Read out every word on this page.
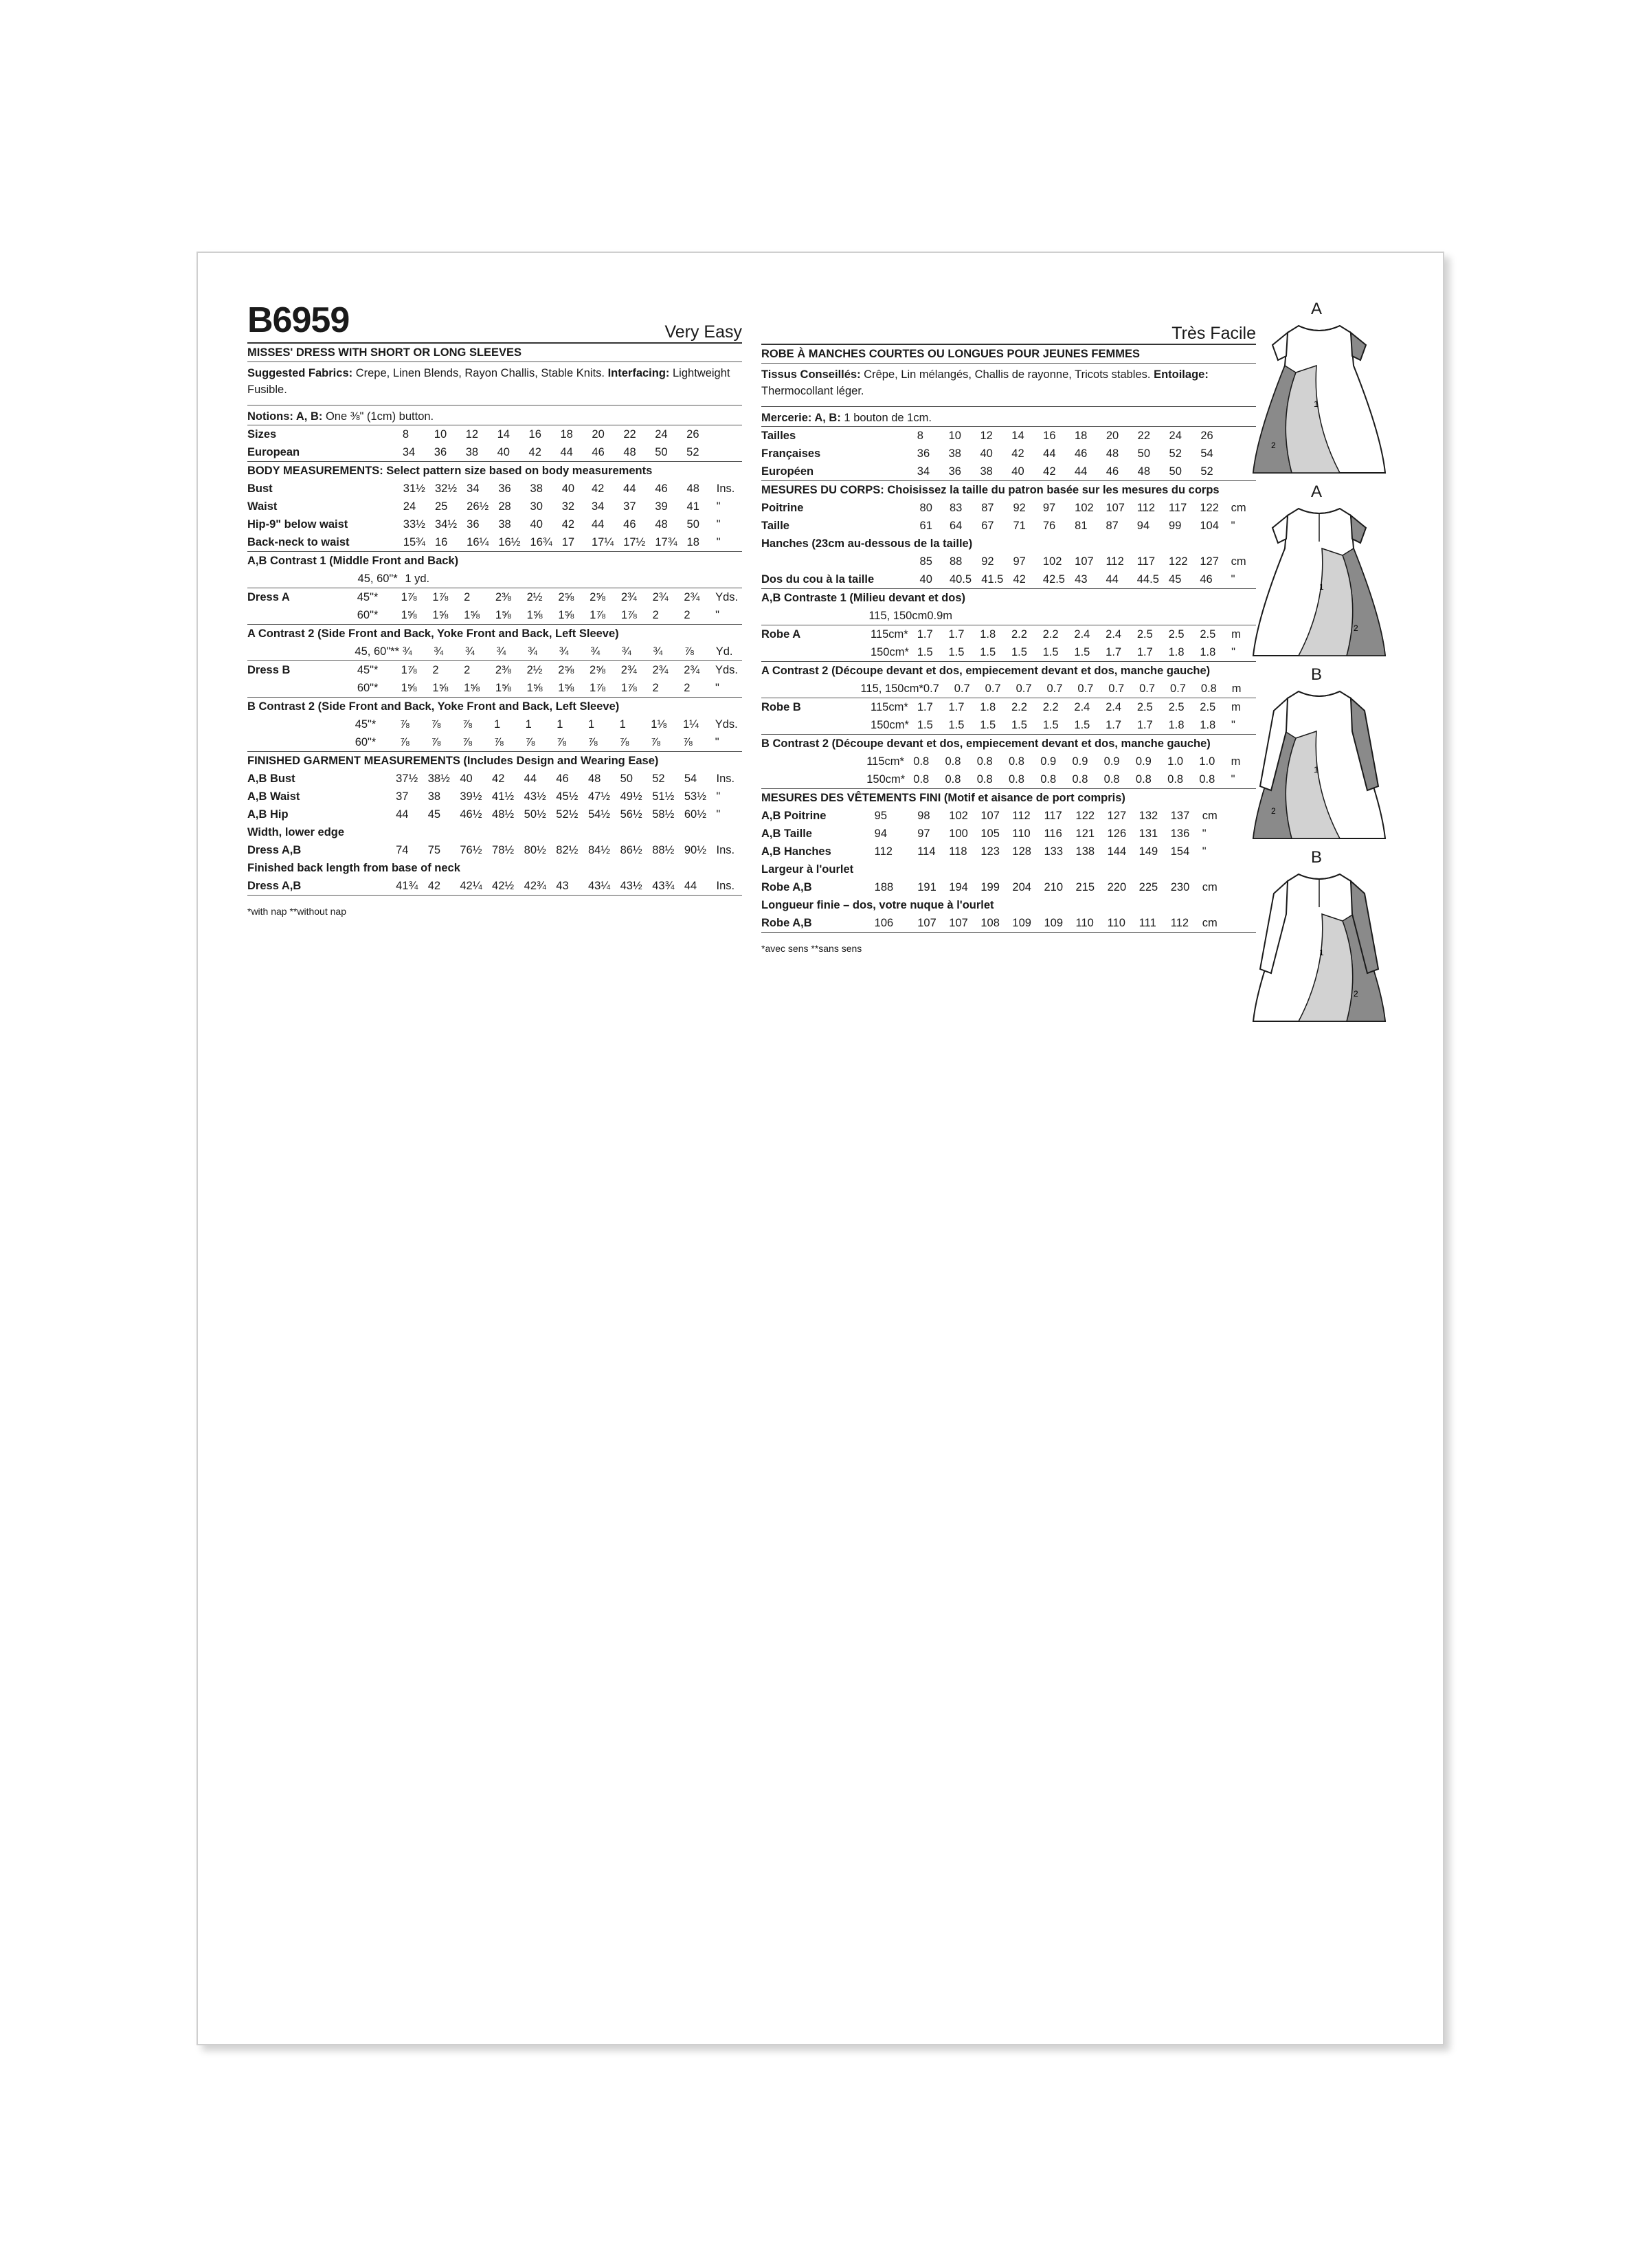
B6959	Very Easy
MISSES' DRESS WITH SHORT OR LONG SLEEVES
Suggested Fabrics: Crepe, Linen Blends, Rayon Challis, Stable Knits. Interfacing: Lightweight Fusible.
Notions: A, B: One ⅜" (1cm) button.
Sizes		8	10	12	14	16	18	20	22	24	26	
European		34	36	38	40	42	44	46	48	50	52	
BODY MEASUREMENTS: Select pattern size based on body measurements
Bust		31½	32½	34	36	38	40	42	44	46	48	Ins.
Waist		24	25	26½	28	30	32	34	37	39	41	"
Hip-9" below waist		33½	34½	36	38	40	42	44	46	48	50	"
Back-neck to waist		15¾	16	16¼	16½	16¾	17	17¼	17½	17¾	18	"
A,B Contrast 1 (Middle Front and Back)
	45, 60"*	1 yd.										
Dress A	45"*	1⅞	1⅞	2	2⅜	2½	2⅝	2⅝	2¾	2¾	2¾	Yds.
	60"*	1⅝	1⅝	1⅝	1⅝	1⅝	1⅝	1⅞	1⅞	2	2	"
A Contrast 2 (Side Front and Back, Yoke Front and Back, Left Sleeve)
	45, 60"**	¾	¾	¾	¾	¾	¾	¾	¾	¾	⅞	Yd.
Dress B	45"*	1⅞	2	2	2⅜	2½	2⅝	2⅝	2¾	2¾	2¾	Yds.
	60"*	1⅝	1⅝	1⅝	1⅝	1⅝	1⅝	1⅞	1⅞	2	2	"
B Contrast 2 (Side Front and Back, Yoke Front and Back, Left Sleeve)
	45"*	⅞	⅞	⅞	1	1	1	1	1	1⅛	1¼	Yds.
	60"*	⅞	⅞	⅞	⅞	⅞	⅞	⅞	⅞	⅞	⅞	"
FINISHED GARMENT MEASUREMENTS (Includes Design and Wearing Ease)
A,B Bust		37½	38½	40	42	44	46	48	50	52	54	Ins.
A,B Waist		37	38	39½	41½	43½	45½	47½	49½	51½	53½	"
A,B Hip		44	45	46½	48½	50½	52½	54½	56½	58½	60½	"
Width, lower edge												
Dress A,B		74	75	76½	78½	80½	82½	84½	86½	88½	90½	Ins.
Finished back length from base of neck												
Dress A,B		41¾	42	42¼	42½	42¾	43	43¼	43½	43¾	44	Ins.
*with nap **without nap
Très Facile
ROBE À MANCHES COURTES OU LONGUES POUR JEUNES FEMMES
Tissus Conseillés: Crêpe, Lin mélangés, Challis de rayonne, Tricots stables. Entoilage: Thermocollant léger.
Mercerie: A, B: 1 bouton de 1cm.
Tailles		8	10	12	14	16	18	20	22	24	26	
Françaises		36	38	40	42	44	46	48	50	52	54	
Européen		34	36	38	40	42	44	46	48	50	52	
MESURES DU CORPS: Choisissez la taille du patron basée sur les mesures du corps
Poitrine		80	83	87	92	97	102	107	112	117	122	cm
Taille		61	64	67	71	76	81	87	94	99	104	"
Hanches (23cm au-dessous de la taille)												
		85	88	92	97	102	107	112	117	122	127	cm
Dos du cou à la taille		40	40.5	41.5	42	42.5	43	44	44.5	45	46	"
A,B Contraste 1 (Milieu devant et dos)
	115, 150cm	0.9m										
Robe A	115cm*	1.7	1.7	1.8	2.2	2.2	2.4	2.4	2.5	2.5	2.5	m
	150cm*	1.5	1.5	1.5	1.5	1.5	1.5	1.7	1.7	1.8	1.8	"
A Contrast 2 (Découpe devant et dos, empiecement devant et dos, manche gauche)
	115, 150cm*	0.7	0.7	0.7	0.7	0.7	0.7	0.7	0.7	0.7	0.8	m
Robe B	115cm*	1.7	1.7	1.8	2.2	2.2	2.4	2.4	2.5	2.5	2.5	m
	150cm*	1.5	1.5	1.5	1.5	1.5	1.5	1.7	1.7	1.8	1.8	"
B Contrast 2 (Découpe devant et dos, empiecement devant et dos, manche gauche)
	115cm*	0.8	0.8	0.8	0.8	0.9	0.9	0.9	0.9	1.0	1.0	m
	150cm*	0.8	0.8	0.8	0.8	0.8	0.8	0.8	0.8	0.8	0.8	"
MESURES DES VÊTEMENTS FINI (Motif et aisance de port compris)
A,B Poitrine	95	98	102	107	112	117	122	127	132	137	cm	
A,B Taille	94	97	100	105	110	116	121	126	131	136	"	
A,B Hanches	112	114	118	123	128	133	138	144	149	154	"	
Largeur à l'ourlet												
Robe A,B	188	191	194	199	204	210	215	220	225	230	cm	
Longueur finie – dos, votre nuque à l'ourlet												
Robe A,B	106	107	107	108	109	109	110	110	111	112	cm	
*avec sens **sans sens
A
1
2
A
1
2
B
1
2
B
1
2
